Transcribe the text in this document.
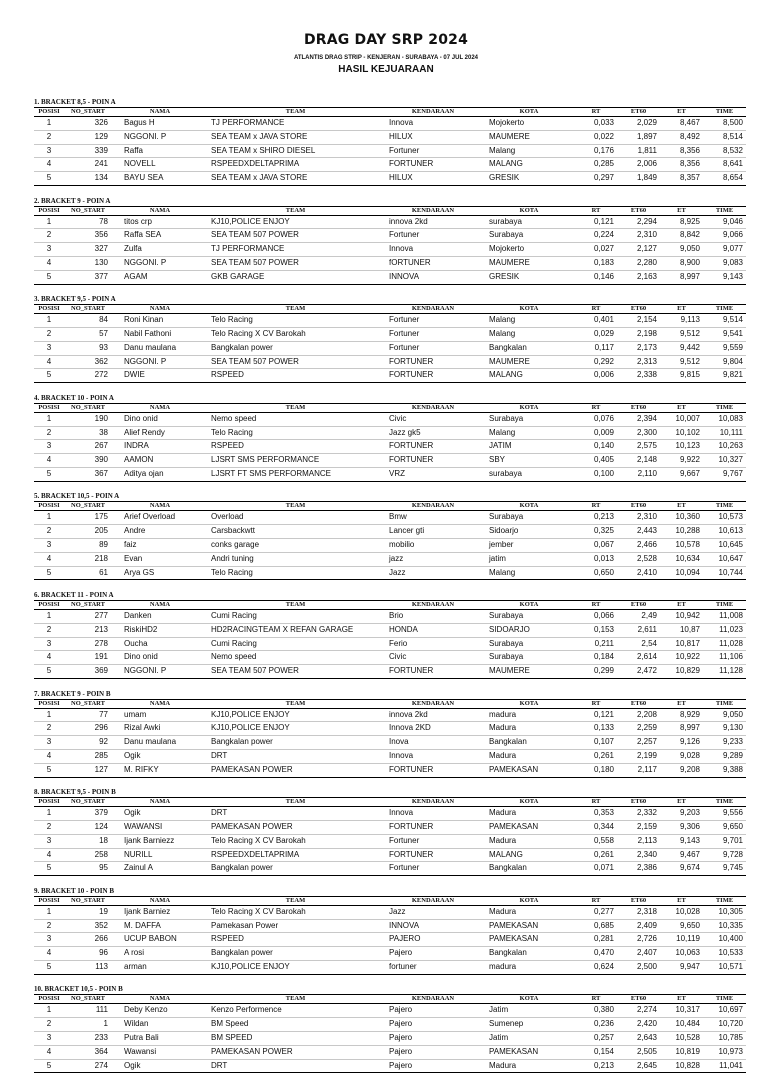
DRAG DAY SRP 2024
ATLANTIS DRAG STRIP - KENJERAN - SURABAYA - 07 JUL 2024
HASIL KEJUARAAN
1. BRACKET 8,5 - POIN A
POSISI	NO_START	NAMA	TEAM	KENDARAAN	KOTA	RT	ET60	ET	TIME
1	326	Bagus H	TJ PERFORMANCE	Innova	Mojokerto	0,033	2,029	8,467	8,500
2	129	NGGONI. P	SEA TEAM x JAVA STORE	HILUX	MAUMERE	0,022	1,897	8,492	8,514
3	339	Raffa	SEA TEAM x SHIRO DIESEL	Fortuner	Malang	0,176	1,811	8,356	8,532
4	241	NOVELL	RSPEEDXDELTAPRIMA	FORTUNER	MALANG	0,285	2,006	8,356	8,641
5	134	BAYU SEA	SEA TEAM x JAVA STORE	HILUX	GRESIK	0,297	1,849	8,357	8,654
2. BRACKET 9 - POIN A
POSISI	NO_START	NAMA	TEAM	KENDARAAN	KOTA	RT	ET60	ET	TIME
1	78	titos crp	KJ10,POLICE ENJOY	innova 2kd	surabaya	0,121	2,294	8,925	9,046
2	356	Raffa SEA	SEA TEAM 507 POWER	Fortuner	Surabaya	0,224	2,310	8,842	9,066
3	327	Zulfa	TJ PERFORMANCE	Innova	Mojokerto	0,027	2,127	9,050	9,077
4	130	NGGONI. P	SEA TEAM 507 POWER	fORTUNER	MAUMERE	0,183	2,280	8,900	9,083
5	377	AGAM	GKB GARAGE	INNOVA	GRESIK	0,146	2,163	8,997	9,143
3. BRACKET 9,5 - POIN A
POSISI	NO_START	NAMA	TEAM	KENDARAAN	KOTA	RT	ET60	ET	TIME
1	84	Roni Kinan	Telo Racing	Fortuner	Malang	0,401	2,154	9,113	9,514
2	57	Nabil Fathoni	Telo Racing X CV Barokah	Fortuner	Malang	0,029	2,198	9,512	9,541
3	93	Danu maulana	Bangkalan power	Fortuner	Bangkalan	0,117	2,173	9,442	9,559
4	362	NGGONI. P	SEA TEAM 507 POWER	FORTUNER	MAUMERE	0,292	2,313	9,512	9,804
5	272	DWIE	RSPEED	FORTUNER	MALANG	0,006	2,338	9,815	9,821
4. BRACKET 10 - POIN A
POSISI	NO_START	NAMA	TEAM	KENDARAAN	KOTA	RT	ET60	ET	TIME
1	190	Dino onid	Nemo speed	Civic	Surabaya	0,076	2,394	10,007	10,083
2	38	Alief Rendy	Telo Racing	Jazz gk5	Malang	0,009	2,300	10,102	10,111
3	267	INDRA	RSPEED	FORTUNER	JATIM	0,140	2,575	10,123	10,263
4	390	AAMON	LJSRT SMS PERFORMANCE	FORTUNER	SBY	0,405	2,148	9,922	10,327
5	367	Aditya ojan	LJSRT FT SMS PERFORMANCE	VRZ	surabaya	0,100	2,110	9,667	9,767
5. BRACKET 10,5 - POIN A
POSISI	NO_START	NAMA	TEAM	KENDARAAN	KOTA	RT	ET60	ET	TIME
1	175	Arief Overload	Overload	Bmw	Surabaya	0,213	2,310	10,360	10,573
2	205	Andre	Carsbackwtt	Lancer gti	Sidoarjo	0,325	2,443	10,288	10,613
3	89	faiz	conks garage	mobilio	jember	0,067	2,466	10,578	10,645
4	218	Evan	Andri tuning	jazz	jatim	0,013	2,528	10,634	10,647
5	61	Arya GS	Telo Racing	Jazz	Malang	0,650	2,410	10,094	10,744
6. BRACKET 11 - POIN A
POSISI	NO_START	NAMA	TEAM	KENDARAAN	KOTA	RT	ET60	ET	TIME
1	277	Danken	Cumi Racing	Brio	Surabaya	0,066	2,49	10,942	11,008
2	213	RiskiHD2	HD2RACINGTEAM X REFAN GARAGE	HONDA	SIDOARJO	0,153	2,611	10,87	11,023
3	278	Oucha	Cumi Racing	Ferio	Surabaya	0,211	2,54	10,817	11,028
4	191	Dino onid	Nemo speed	Civic	Surabaya	0,184	2,614	10,922	11,106
5	369	NGGONI. P	SEA TEAM 507 POWER	FORTUNER	MAUMERE	0,299	2,472	10,829	11,128
7. BRACKET 9 - POIN B
POSISI	NO_START	NAMA	TEAM	KENDARAAN	KOTA	RT	ET60	ET	TIME
1	77	umam	KJ10,POLICE ENJOY	innova 2kd	madura	0,121	2,208	8,929	9,050
2	296	Rizal Awki	KJ10,POLICE ENJOY	Innova 2KD	Madura	0,133	2,259	8,997	9,130
3	92	Danu maulana	Bangkalan power	Inova	Bangkalan	0,107	2,257	9,126	9,233
4	285	Ogik	DRT	Innova	Madura	0,261	2,199	9,028	9,289
5	127	M. RIFKY	PAMEKASAN POWER	FORTUNER	PAMEKASAN	0,180	2,117	9,208	9,388
8. BRACKET 9,5 - POIN B
POSISI	NO_START	NAMA	TEAM	KENDARAAN	KOTA	RT	ET60	ET	TIME
1	379	Ogik	DRT	Innova	Madura	0,353	2,332	9,203	9,556
2	124	WAWANSI	PAMEKASAN POWER	FORTUNER	PAMEKASAN	0,344	2,159	9,306	9,650
3	18	Ijank Barniezz	Telo Racing X CV Barokah	Fortuner	Madura	0,558	2,113	9,143	9,701
4	258	NURILL	RSPEEDXDELTAPRIMA	FORTUNER	MALANG	0,261	2,340	9,467	9,728
5	95	Zainul A	Bangkalan power	Fortuner	Bangkalan	0,071	2,386	9,674	9,745
9. BRACKET 10 - POIN B
POSISI	NO_START	NAMA	TEAM	KENDARAAN	KOTA	RT	ET60	ET	TIME
1	19	Ijank Barniez	Telo Racing X CV Barokah	Jazz	Madura	0,277	2,318	10,028	10,305
2	352	M. DAFFA	Pamekasan Power	INNOVA	PAMEKASAN	0,685	2,409	9,650	10,335
3	266	UCUP BABON	RSPEED	PAJERO	PAMEKASAN	0,281	2,726	10,119	10,400
4	96	A rosi	Bangkalan power	Pajero	Bangkalan	0,470	2,407	10,063	10,533
5	113	arman	KJ10,POLICE ENJOY	fortuner	madura	0,624	2,500	9,947	10,571
10. BRACKET 10,5 - POIN B
POSISI	NO_START	NAMA	TEAM	KENDARAAN	KOTA	RT	ET60	ET	TIME
1	111	Deby Kenzo	Kenzo Performence	Pajero	Jatim	0,380	2,274	10,317	10,697
2	1	Wildan	BM Speed	Pajero	Sumenep	0,236	2,420	10,484	10,720
3	233	Putra Bali	BM SPEED	Pajero	Jatim	0,257	2,643	10,528	10,785
4	364	Wawansi	PAMEKASAN POWER	Pajero	PAMEKASAN	0,154	2,505	10,819	10,973
5	274	Ogik	DRT	Pajero	Madura	0,213	2,645	10,828	11,041
